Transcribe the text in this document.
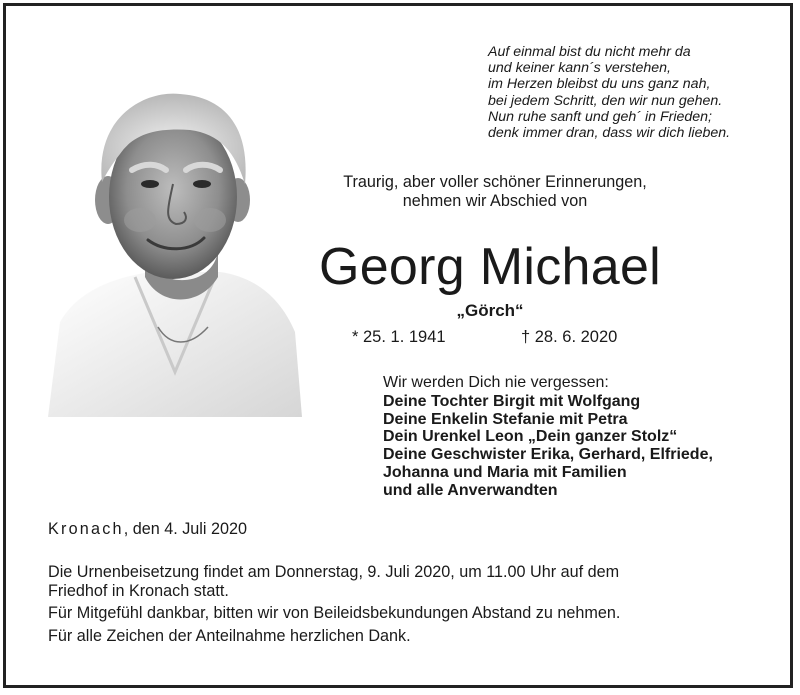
Auf einmal bist du nicht mehr da
und keiner kann´s verstehen,
im Herzen bleibst du uns ganz nah,
bei jedem Schritt, den wir nun gehen.
Nun ruhe sanft und geh´ in Frieden;
denk immer dran, dass wir dich lieben.
Traurig, aber voller schöner Erinnerungen,
nehmen wir Abschied von
Georg Michael
„Görch“
* 25. 1. 1941	† 28. 6. 2020
Wir werden Dich nie vergessen:
Deine Tochter Birgit mit Wolfgang
Deine Enkelin Stefanie mit Petra
Dein Urenkel Leon „Dein ganzer Stolz“
Deine Geschwister Erika, Gerhard, Elfriede,
Johanna und Maria mit Familien
und alle Anverwandten
Kronach, den 4. Juli 2020
Die Urnenbeisetzung findet am Donnerstag, 9. Juli 2020, um 11.00 Uhr auf dem
Friedhof in Kronach statt.
Für Mitgefühl dankbar, bitten wir von Beileidsbekundungen Abstand zu nehmen.
Für alle Zeichen der Anteilnahme herzlichen Dank.
